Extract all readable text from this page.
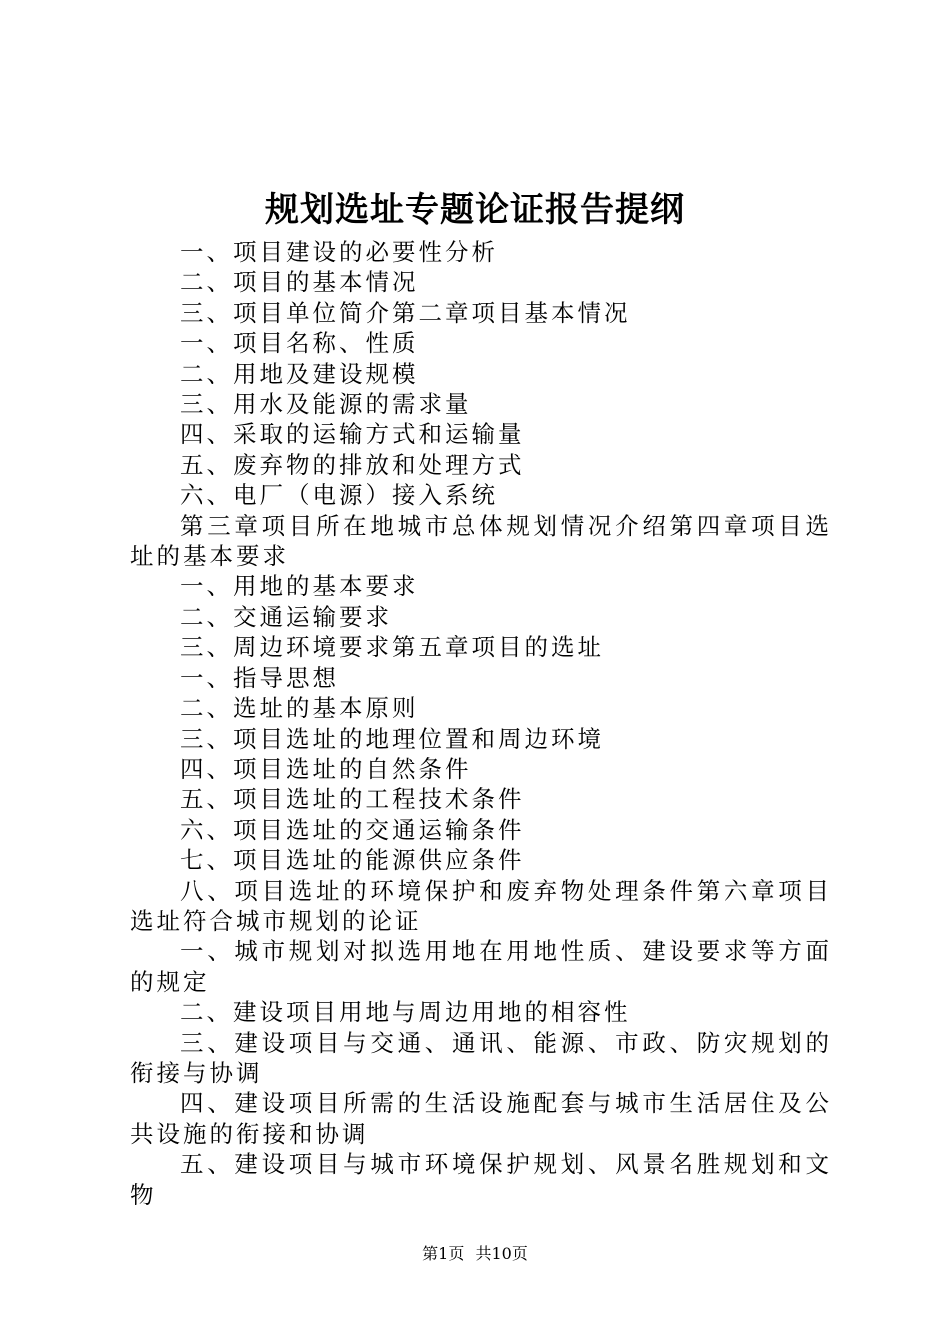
规划选址专题论证报告提纲

一、项目建设的必要性分析

二、项目的基本情况

三、项目单位简介第二章项目基本情况

一、项目名称、性质

二、用地及建设规模

三、用水及能源的需求量

四、采取的运输方式和运输量

五、废弃物的排放和处理方式

六、电厂（电源）接入系统

第三章项目所在地城市总体规划情况介绍第四章项目选址的基本要求

一、用地的基本要求

二、交通运输要求

三、周边环境要求第五章项目的选址

一、指导思想

二、选址的基本原则

三、项目选址的地理位置和周边环境

四、项目选址的自然条件

五、项目选址的工程技术条件

六、项目选址的交通运输条件

七、项目选址的能源供应条件

八、项目选址的环境保护和废弃物处理条件第六章项目选址符合城市规划的论证

一、城市规划对拟选用地在用地性质、建设要求等方面的规定

二、建设项目用地与周边用地的相容性

三、建设项目与交通、通讯、能源、市政、防灾规划的衔接与协调

四、建设项目所需的生活设施配套与城市生活居住及公共设施的衔接和协调

五、建设项目与城市环境保护规划、风景名胜规划和文物

第1页 共10页
